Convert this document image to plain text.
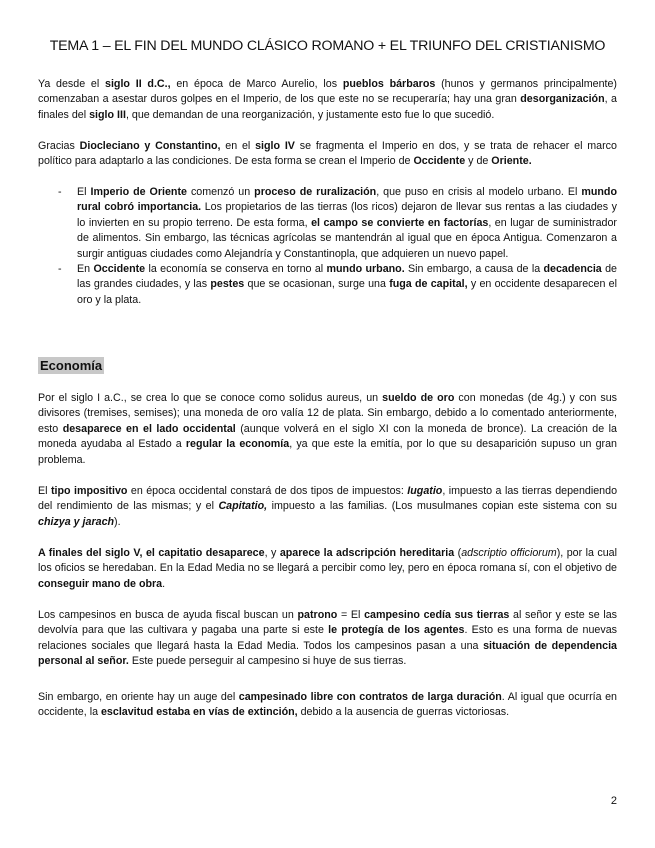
TEMA 1 – EL FIN DEL MUNDO CLÁSICO ROMANO + EL TRIUNFO DEL CRISTIANISMO

Ya desde el siglo II d.C., en época de Marco Aurelio, los pueblos bárbaros (hunos y germanos principalmente) comenzaban a asestar duros golpes en el Imperio, de los que este no se recuperaría; hay una gran desorganización, a finales del siglo III, que demandan de una reorganización, y justamente esto fue lo que sucedió.

Gracias Diocleciano y Constantino, en el siglo IV se fragmenta el Imperio en dos, y se trata de rehacer el marco político para adaptarlo a las condiciones. De esta forma se crean el Imperio de Occidente y de Oriente.

- El Imperio de Oriente comenzó un proceso de ruralización, que puso en crisis al modelo urbano. El mundo rural cobró importancia. Los propietarios de las tierras (los ricos) dejaron de llevar sus rentas a las ciudades y lo invierten en su propio terreno. De esta forma, el campo se convierte en factorías, en lugar de suministrador de alimentos. Sin embargo, las técnicas agrícolas se mantendrán al igual que en época Antigua. Comenzaron a surgir antiguas ciudades como Alejandría y Constantinopla, que adquieren un nuevo papel.
- En Occidente la economía se conserva en torno al mundo urbano. Sin embargo, a causa de la decadencia de las grandes ciudades, y las pestes que se ocasionan, surge una fuga de capital, y en occidente desaparecen el oro y la plata.
Economía

Por el siglo I a.C., se crea lo que se conoce como solidus aureus, un sueldo de oro con monedas (de 4g.) y con sus divisores (tremises, semises); una moneda de oro valía 12 de plata. Sin embargo, debido a lo comentado anteriormente, esto desaparece en el lado occidental (aunque volverá en el siglo XI con la moneda de bronce). La creación de la moneda ayudaba al Estado a regular la economía, ya que este la emitía, por lo que su desaparición supuso un gran problema.

El tipo impositivo en época occidental constará de dos tipos de impuestos: Iugatio, impuesto a las tierras dependiendo del rendimiento de las mismas; y el Capitatio, impuesto a las familias. (Los musulmanes copian este sistema con su chizya y jarach).

A finales del siglo V, el capitatio desaparece, y aparece la adscripción hereditaria (adscriptio officiorum), por la cual los oficios se heredaban. En la Edad Media no se llegará a percibir como ley, pero en época romana sí, con el objetivo de conseguir mano de obra.

Los campesinos en busca de ayuda fiscal buscan un patrono = El campesino cedía sus tierras al señor y este se las devolvía para que las cultivara y pagaba una parte si este le protegía de los agentes. Esto es una forma de nuevas relaciones sociales que llegará hasta la Edad Media. Todos los campesinos pasan a una situación de dependencia personal al señor. Este puede perseguir al campesino si huye de sus tierras.

Sin embargo, en oriente hay un auge del campesinado libre con contratos de larga duración. Al igual que ocurría en occidente, la esclavitud estaba en vías de extinción, debido a la ausencia de guerras victoriosas.

2
